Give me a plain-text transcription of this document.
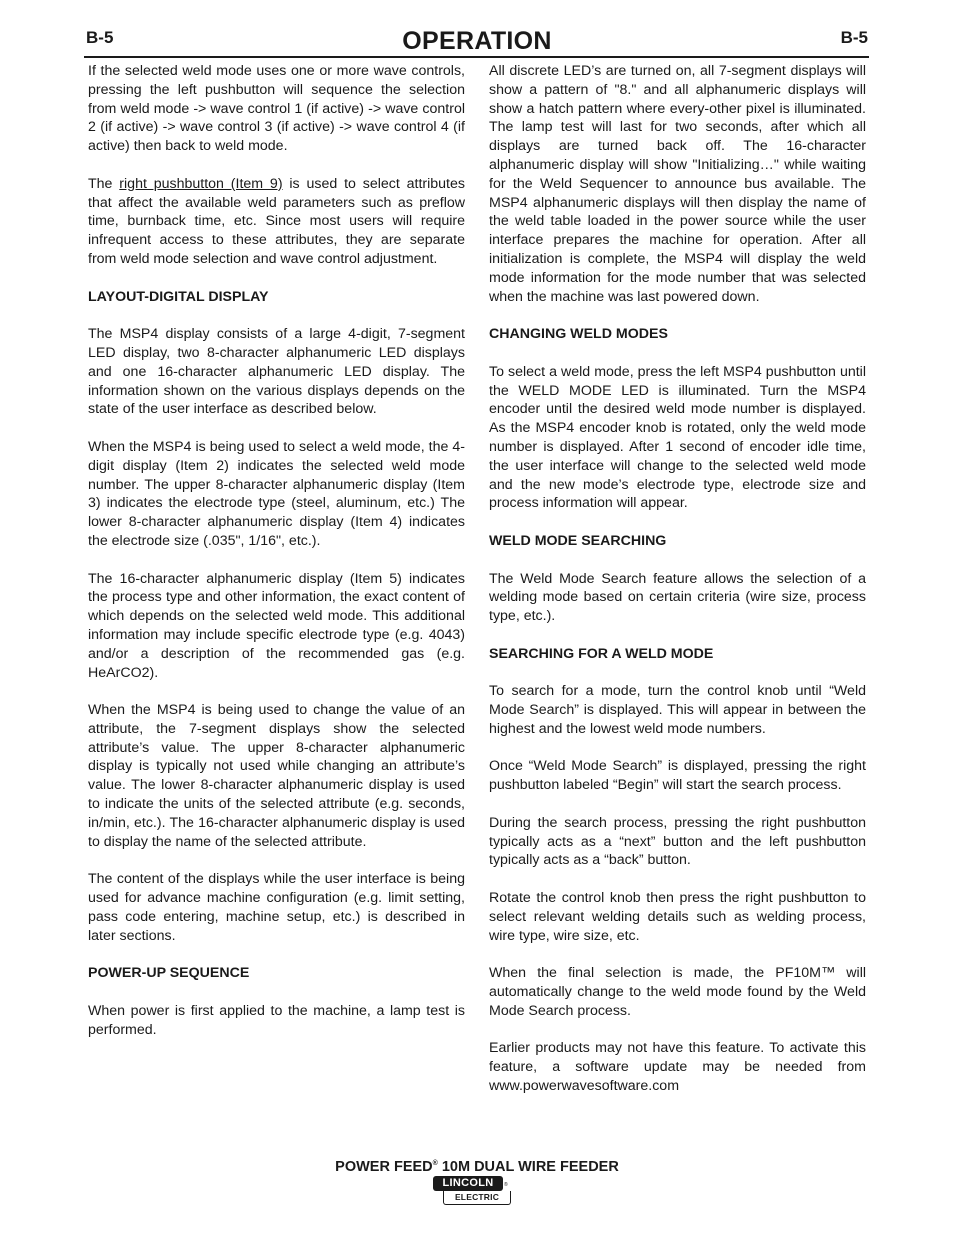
B-5	OPERATION	B-5

If the selected weld mode uses one or more wave controls, pressing the left pushbutton will sequence the selection from weld mode -> wave control 1 (if active) -> wave control 2 (if active) -> wave control 3 (if active) -> wave control 4 (if active) then back to weld mode.

The right pushbutton (Item 9) is used to select attributes that affect the available weld parameters such as preflow time, burnback time, etc. Since most users will require infrequent access to these attributes, they are separate from weld mode selection and wave control adjustment.

LAYOUT-DIGITAL DISPLAY

The MSP4 display consists of a large 4-digit, 7-segment LED display, two 8-character alphanumeric LED displays and one 16-character alphanumeric LED display. The information shown on the various displays depends on the state of the user interface as described below.

When the MSP4 is being used to select a weld mode, the 4-digit display (Item 2) indicates the selected weld mode number. The upper 8-character alphanumeric display (Item 3) indicates the electrode type (steel, aluminum, etc.) The lower 8-character alphanumeric display (Item 4) indicates the electrode size (.035", 1/16", etc.).

The 16-character alphanumeric display (Item 5) indicates the process type and other information, the exact content of which depends on the selected weld mode. This additional information may include specific electrode type (e.g. 4043) and/or a description of the recommended gas (e.g. HeArCO2).

When the MSP4 is being used to change the value of an attribute, the 7-segment displays show the selected attribute’s value. The upper 8-character alphanumeric display is typically not used while changing an attribute’s value. The lower 8-character alphanumeric display is used to indicate the units of the selected attribute (e.g. seconds, in/min, etc.). The 16-character alphanumeric display is used to display the name of the selected attribute.

The content of the displays while the user interface is being used for advance machine configuration (e.g. limit setting, pass code entering, machine setup, etc.) is described in later sections.

POWER-UP SEQUENCE

When power is first applied to the machine, a lamp test is performed.

All discrete LED’s are turned on, all 7-segment displays will show a pattern of "8." and all alphanumeric displays will show a hatch pattern where every-other pixel is illuminated. The lamp test will last for two seconds, after which all displays are turned back off. The 16-character alphanumeric display will show "Initializing…" while waiting for the Weld Sequencer to announce bus available. The MSP4 alphanumeric displays will then display the name of the weld table loaded in the power source while the user interface prepares the machine for operation. After all initialization is complete, the MSP4 will display the weld mode information for the mode number that was selected when the machine was last powered down.

CHANGING WELD MODES

To select a weld mode, press the left MSP4 pushbutton until the WELD MODE LED is illuminated. Turn the MSP4 encoder until the desired weld mode number is displayed. As the MSP4 encoder knob is rotated, only the weld mode number is displayed. After 1 second of encoder idle time, the user interface will change to the selected weld mode and the new mode’s electrode type, electrode size and process information will appear.

WELD MODE SEARCHING

The Weld Mode Search feature allows the selection of a welding mode based on certain criteria (wire size, process type, etc.).

SEARCHING FOR A WELD MODE

To search for a mode, turn the control knob until “Weld Mode Search” is displayed. This will appear in between the highest and the lowest weld mode numbers.

Once “Weld Mode Search” is displayed, pressing the right pushbutton labeled “Begin” will start the search process.

During the search process, pressing the right pushbutton typically acts as a “next” button and the left pushbutton typically acts as a “back” button.

Rotate the control knob then press the right pushbutton to select relevant welding details such as welding process, wire type, wire size, etc.

When the final selection is made, the PF10M™ will automatically change to the weld mode found by the Weld Mode Search process.

Earlier products may not have this feature. To activate this feature, a software update may be needed from www.powerwavesoftware.com

POWER FEED® 10M DUAL WIRE FEEDER
LINCOLN	®
ELECTRIC
